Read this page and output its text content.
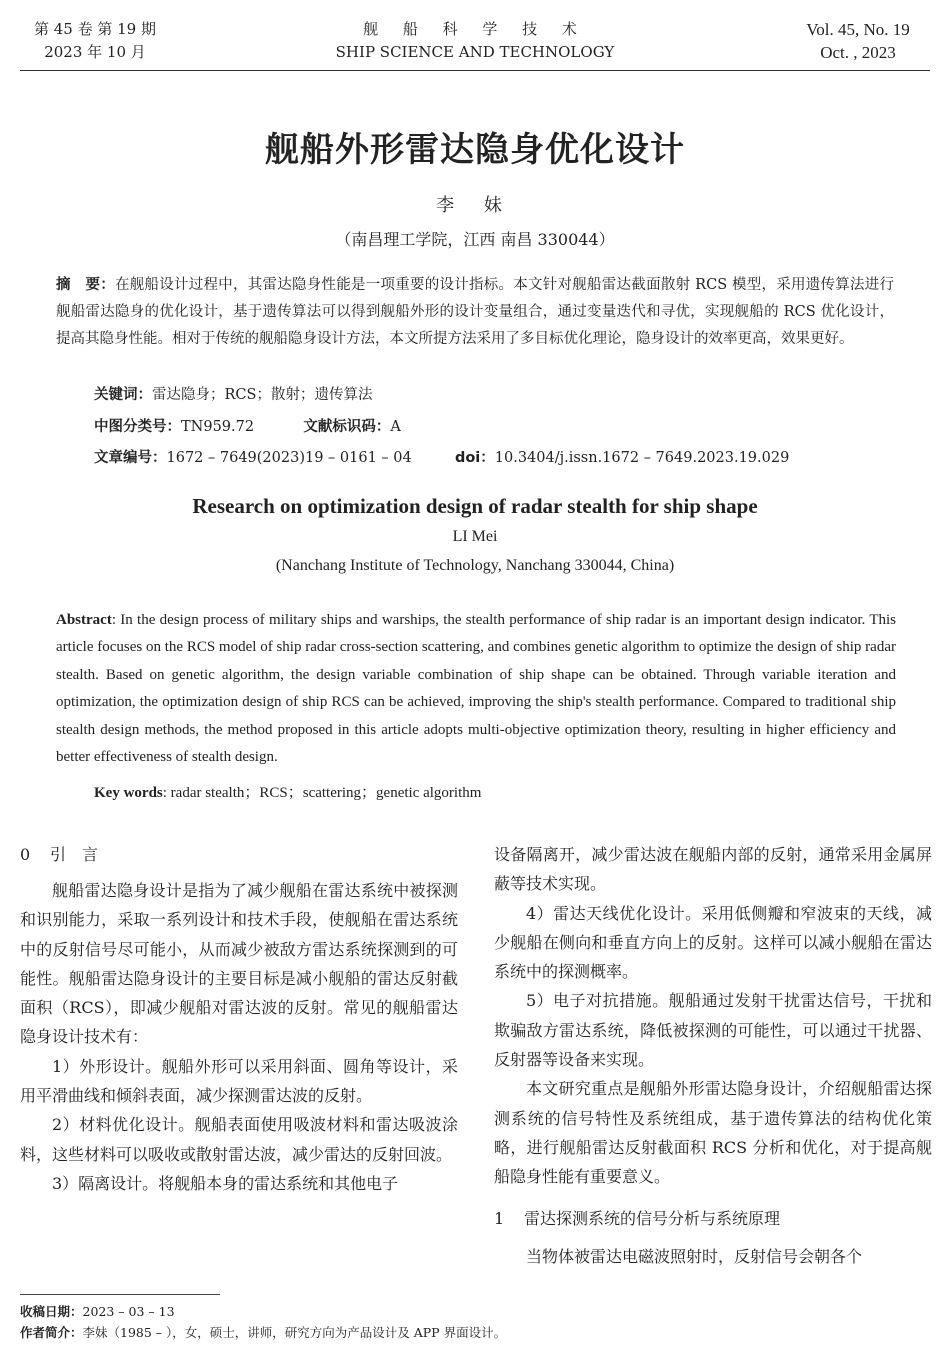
第 45 卷 第 19 期
2023 年 10 月
舰 船 科 学 技 术
SHIP SCIENCE AND TECHNOLOGY
Vol. 45, No. 19
Oct. , 2023
舰船外形雷达隐身优化设计
李 妹
（南昌理工学院，江西 南昌 330044）
摘　要：在舰船设计过程中，其雷达隐身性能是一项重要的设计指标。本文针对舰船雷达截面散射 RCS 模型，采用遗传算法进行舰船雷达隐身的优化设计，基于遗传算法可以得到舰船外形的设计变量组合，通过变量迭代和寻优，实现舰船的 RCS 优化设计，提高其隐身性能。相对于传统的舰船隐身设计方法，本文所提方法采用了多目标优化理论，隐身设计的效率更高，效果更好。
关键词：雷达隐身；RCS；散射；遗传算法
中图分类号：TN959.72	文献标识码：A
文章编号：1672 – 7649(2023)19 – 0161 – 04	doi：10.3404/j.issn.1672 – 7649.2023.19.029
Research on optimization design of radar stealth for ship shape
LI Mei
(Nanchang Institute of Technology, Nanchang 330044, China)
Abstract: In the design process of military ships and warships, the stealth performance of ship radar is an important design indicator. This article focuses on the RCS model of ship radar cross-section scattering, and combines genetic algorithm to optimize the design of ship radar stealth. Based on genetic algorithm, the design variable combination of ship shape can be obtained. Through variable iteration and optimization, the optimization design of ship RCS can be achieved, improving the ship's stealth performance. Compared to traditional ship stealth design methods, the method proposed in this article adopts multi-objective optimization theory, resulting in higher efficiency and better effectiveness of stealth design.
Key words: radar stealth；RCS；scattering；genetic algorithm
0 引　言

舰船雷达隐身设计是指为了减少舰船在雷达系统中被探测和识别能力，采取一系列设计和技术手段，使舰船在雷达系统中的反射信号尽可能小，从而减少被敌方雷达系统探测到的可能性。舰船雷达隐身设计的主要目标是减小舰船的雷达反射截面积（RCS），即减少舰船对雷达波的反射。常见的舰船雷达隐身设计技术有：

1）外形设计。舰船外形可以采用斜面、圆角等设计，采用平滑曲线和倾斜表面，减少探测雷达波的反射。

2）材料优化设计。舰船表面使用吸波材料和雷达吸波涂料，这些材料可以吸收或散射雷达波，减少雷达的反射回波。

3）隔离设计。将舰船本身的雷达系统和其他电子

设备隔离开，减少雷达波在舰船内部的反射，通常采用金属屏蔽等技术实现。

4）雷达天线优化设计。采用低侧瓣和窄波束的天线，减少舰船在侧向和垂直方向上的反射。这样可以减小舰船在雷达系统中的探测概率。

5）电子对抗措施。舰船通过发射干扰雷达信号，干扰和欺骗敌方雷达系统，降低被探测的可能性，可以通过干扰器、反射器等设备来实现。

本文研究重点是舰船外形雷达隐身设计，介绍舰船雷达探测系统的信号特性及系统组成，基于遗传算法的结构优化策略，进行舰船雷达反射截面积 RCS 分析和优化，对于提高舰船隐身性能有重要意义。

1 雷达探测系统的信号分析与系统原理

当物体被雷达电磁波照射时，反射信号会朝各个

收稿日期：2023 – 03 – 13
作者简介：李妹（1985 – ），女，硕士，讲师，研究方向为产品设计及 APP 界面设计。
